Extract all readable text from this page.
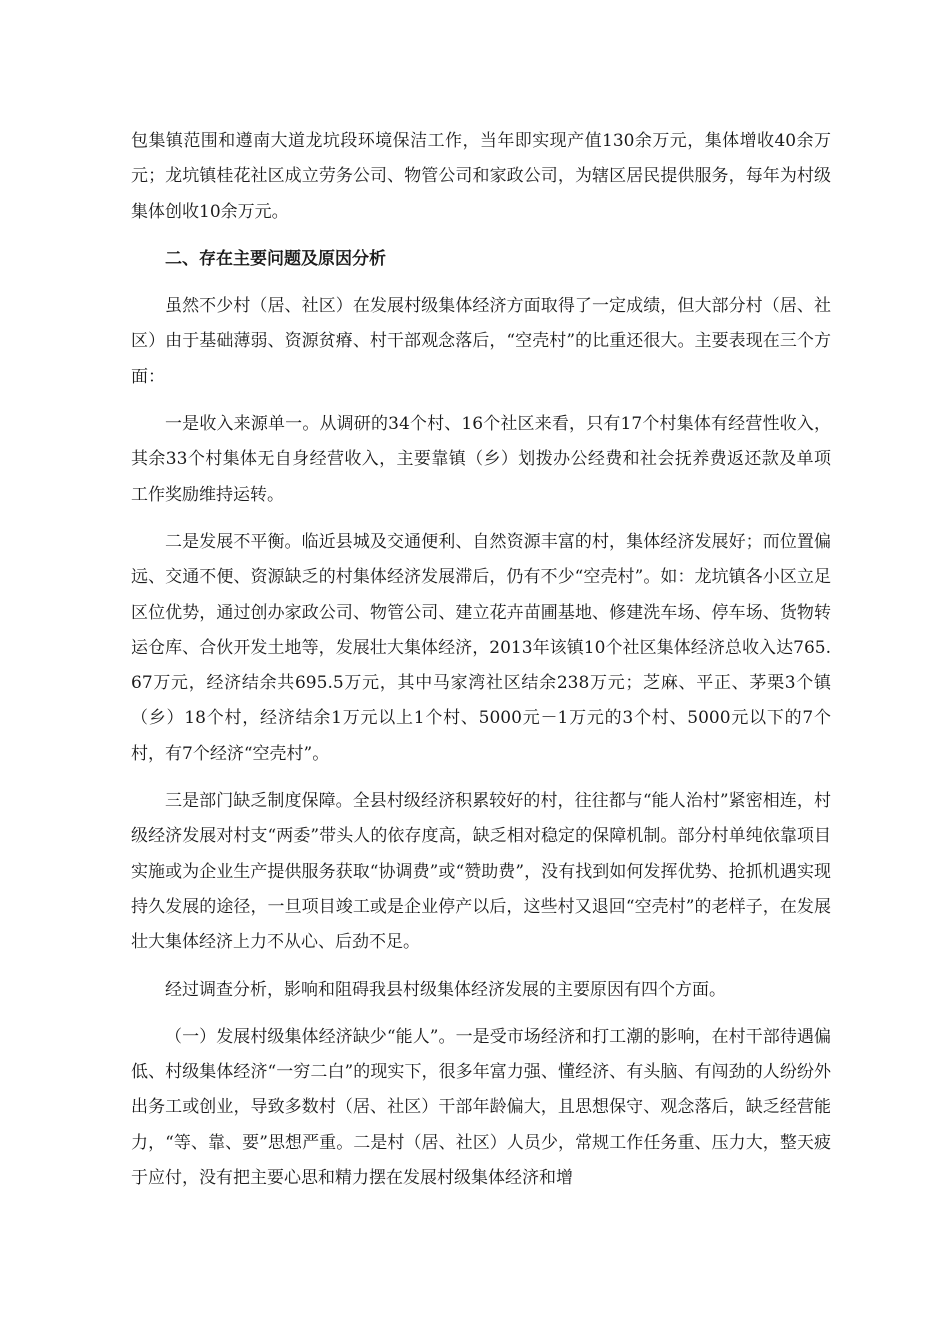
包集镇范围和遵南大道龙坑段环境保洁工作，当年即实现产值130余万元，集体增收40余万元；龙坑镇桂花社区成立劳务公司、物管公司和家政公司，为辖区居民提供服务，每年为村级集体创收10余万元。

二、存在主要问题及原因分析

虽然不少村（居、社区）在发展村级集体经济方面取得了一定成绩，但大部分村（居、社区）由于基础薄弱、资源贫瘠、村干部观念落后，“空壳村”的比重还很大。主要表现在三个方面：

一是收入来源单一。从调研的34个村、16个社区来看，只有17个村集体有经营性收入，其余33个村集体无自身经营收入，主要靠镇（乡）划拨办公经费和社会抚养费返还款及单项工作奖励维持运转。

二是发展不平衡。临近县城及交通便利、自然资源丰富的村，集体经济发展好；而位置偏远、交通不便、资源缺乏的村集体经济发展滞后，仍有不少“空壳村”。如：龙坑镇各小区立足区位优势，通过创办家政公司、物管公司、建立花卉苗圃基地、修建洗车场、停车场、货物转运仓库、合伙开发土地等，发展壮大集体经济，2013年该镇10个社区集体经济总收入达765.67万元，经济结余共695.5万元，其中马家湾社区结余238万元；芝麻、平正、茅栗3个镇（乡）18个村，经济结余1万元以上1个村、5000元－1万元的3个村、5000元以下的7个村，有7个经济“空壳村”。

三是部门缺乏制度保障。全县村级经济积累较好的村，往往都与“能人治村”紧密相连，村级经济发展对村支“两委”带头人的依存度高，缺乏相对稳定的保障机制。部分村单纯依靠项目实施或为企业生产提供服务获取“协调费”或“赞助费”，没有找到如何发挥优势、抢抓机遇实现持久发展的途径，一旦项目竣工或是企业停产以后，这些村又退回“空壳村”的老样子，在发展壮大集体经济上力不从心、后劲不足。

经过调查分析，影响和阻碍我县村级集体经济发展的主要原因有四个方面。

（一）发展村级集体经济缺少“能人”。一是受市场经济和打工潮的影响，在村干部待遇偏低、村级集体经济“一穷二白”的现实下，很多年富力强、懂经济、有头脑、有闯劲的人纷纷外出务工或创业，导致多数村（居、社区）干部年龄偏大，且思想保守、观念落后，缺乏经营能力，“等、靠、要”思想严重。二是村（居、社区）人员少，常规工作任务重、压力大，整天疲于应付，没有把主要心思和精力摆在发展村级集体经济和增
